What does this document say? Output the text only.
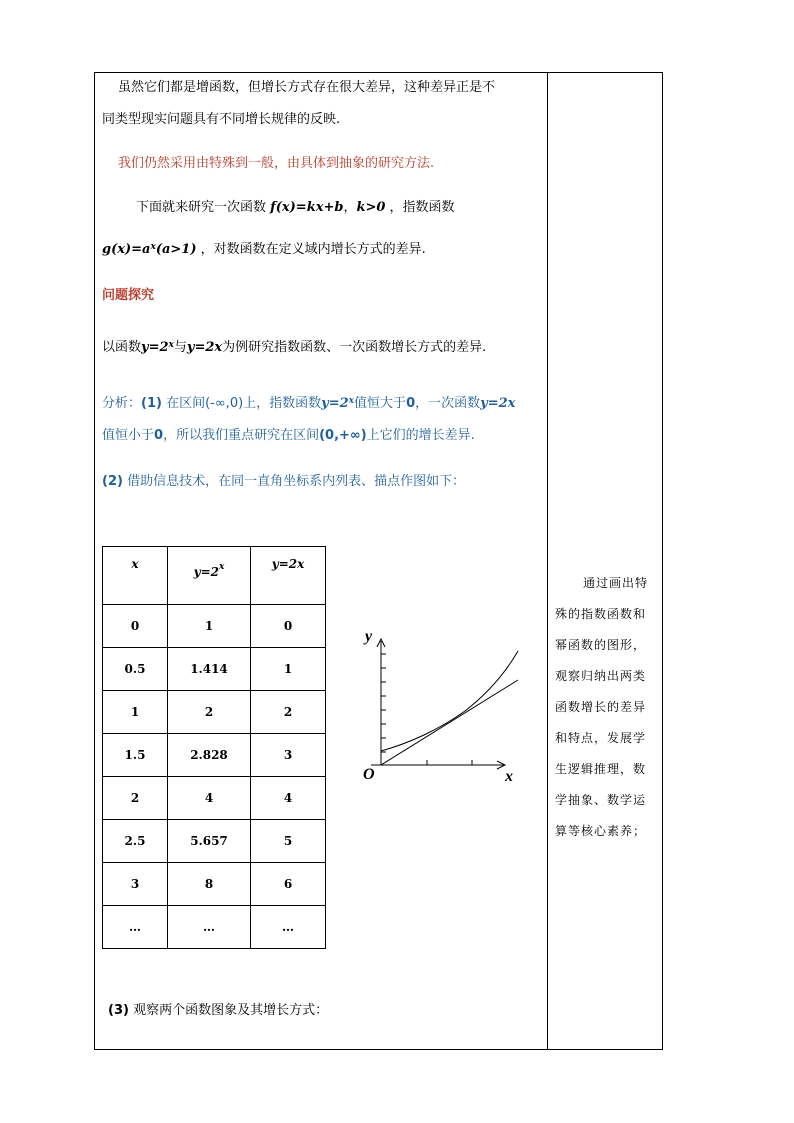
虽然它们都是增函数，但增长方式存在很大差异，这种差异正是不
同类型现实问题具有不同增长规律的反映.
我们仍然采用由特殊到一般，由具体到抽象的研究方法.
下面就来研究一次函数 f(x)=kx+b，k>0 ，指数函数
$g(x)=a^x(a>1)$ ，对数函数在定义域内增长方式的差异.
问题探究
以函数$y=2^x$与y=2x为例研究指数函数、一次函数增长方式的差异.
分析：(1) 在区间(-∞,0)上，指数函数$y=2^x$值恒大于0，一次函数y=2x
值恒小于0，所以我们重点研究在区间(0,+∞)上它们的增长差异.
(2) 借助信息技术，在同一直角坐标系内列表、描点作图如下：
x	$y=2^x$	y=2x
0	1	0
0.5	1.414	1
1	2	2
1.5	2.828	3
2	4	4
2.5	5.657	5
3	8	6
…	…	…
y
x
O
(3) 观察两个函数图象及其增长方式：
通过画出特
殊的指数函数和
幂函数的图形，
观察归纳出两类
函数增长的差异
和特点，发展学
生逻辑推理，数
学抽象、数学运
算等核心素养；
